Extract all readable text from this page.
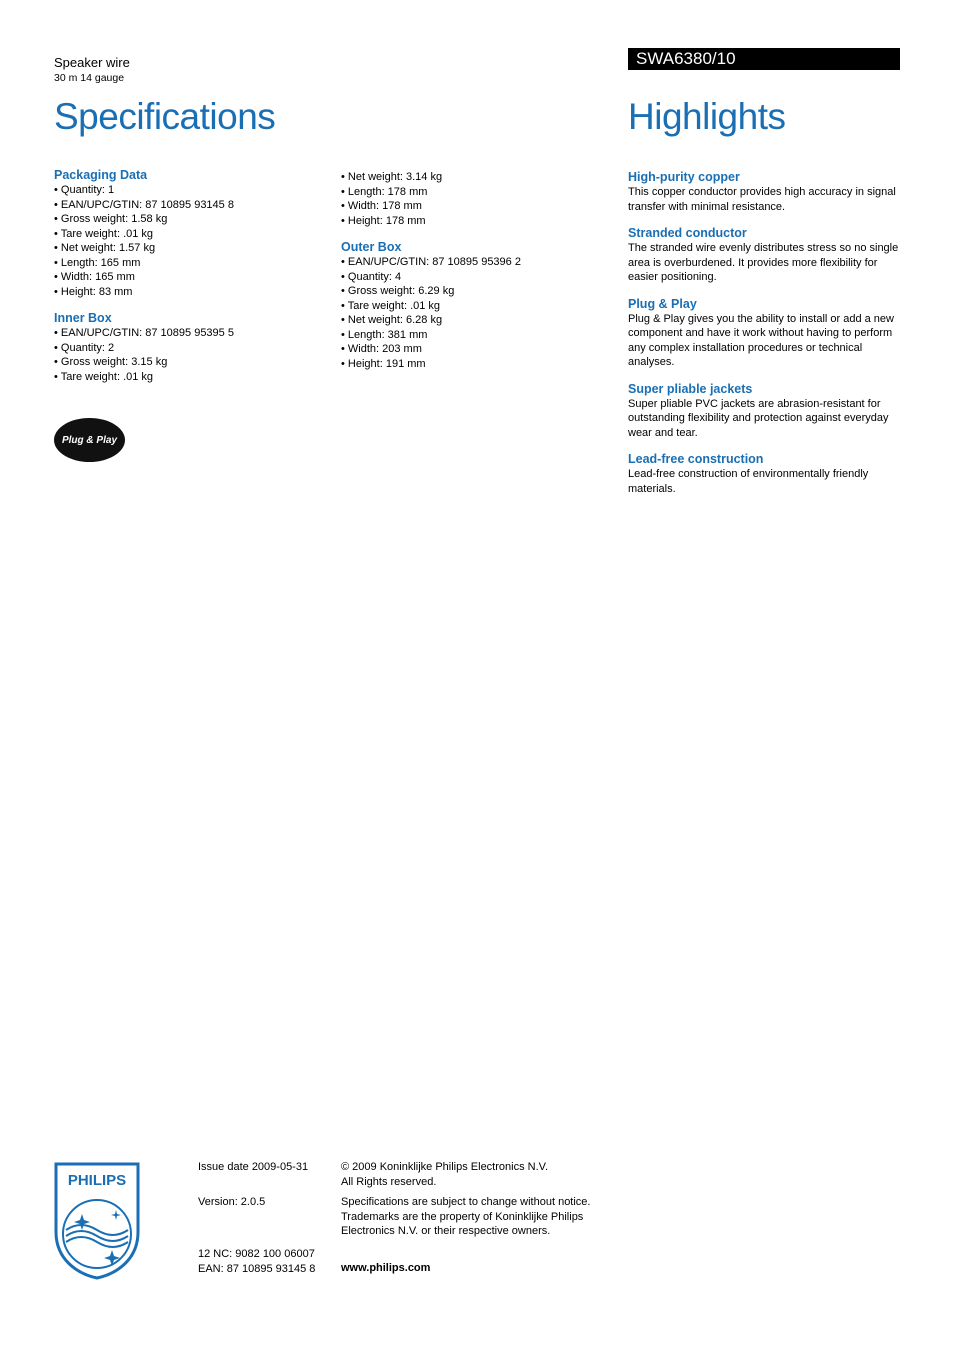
Speaker wire
30 m 14 gauge
Specifications
SWA6380/10
Highlights
Packaging Data
• Quantity: 1
• EAN/UPC/GTIN: 87 10895 93145 8
• Gross weight: 1.58 kg
• Tare weight: .01 kg
• Net weight: 1.57 kg
• Length: 165 mm
• Width: 165 mm
• Height: 83 mm
Inner Box
• EAN/UPC/GTIN: 87 10895 95395 5
• Quantity: 2
• Gross weight: 3.15 kg
• Tare weight: .01 kg
Plug & Play
• Net weight: 3.14 kg
• Length: 178 mm
• Width: 178 mm
• Height: 178 mm
Outer Box
• EAN/UPC/GTIN: 87 10895 95396 2
• Quantity: 4
• Gross weight: 6.29 kg
• Tare weight: .01 kg
• Net weight: 6.28 kg
• Length: 381 mm
• Width: 203 mm
• Height: 191 mm
High-purity copper

This copper conductor provides high accuracy in signal transfer with minimal resistance.

Stranded conductor

The stranded wire evenly distributes stress so no single area is overburdened. It provides more flexibility for easier positioning.

Plug & Play

Plug & Play gives you the ability to install or add a new component and have it work without having to perform any complex installation procedures or technical analyses.

Super pliable jackets

Super pliable PVC jackets are abrasion-resistant for outstanding flexibility and protection against everyday wear and tear.

Lead-free construction

Lead-free construction of environmentally friendly materials.

PHILIPS
Issue date 2009-05-31
Version: 2.0.5
12 NC: 9082 100 06007
EAN: 87 10895 93145 8
© 2009 Koninklijke Philips Electronics N.V.
All Rights reserved.
Specifications are subject to change without notice.
Trademarks are the property of Koninklijke Philips
Electronics N.V. or their respective owners.
www.philips.com
